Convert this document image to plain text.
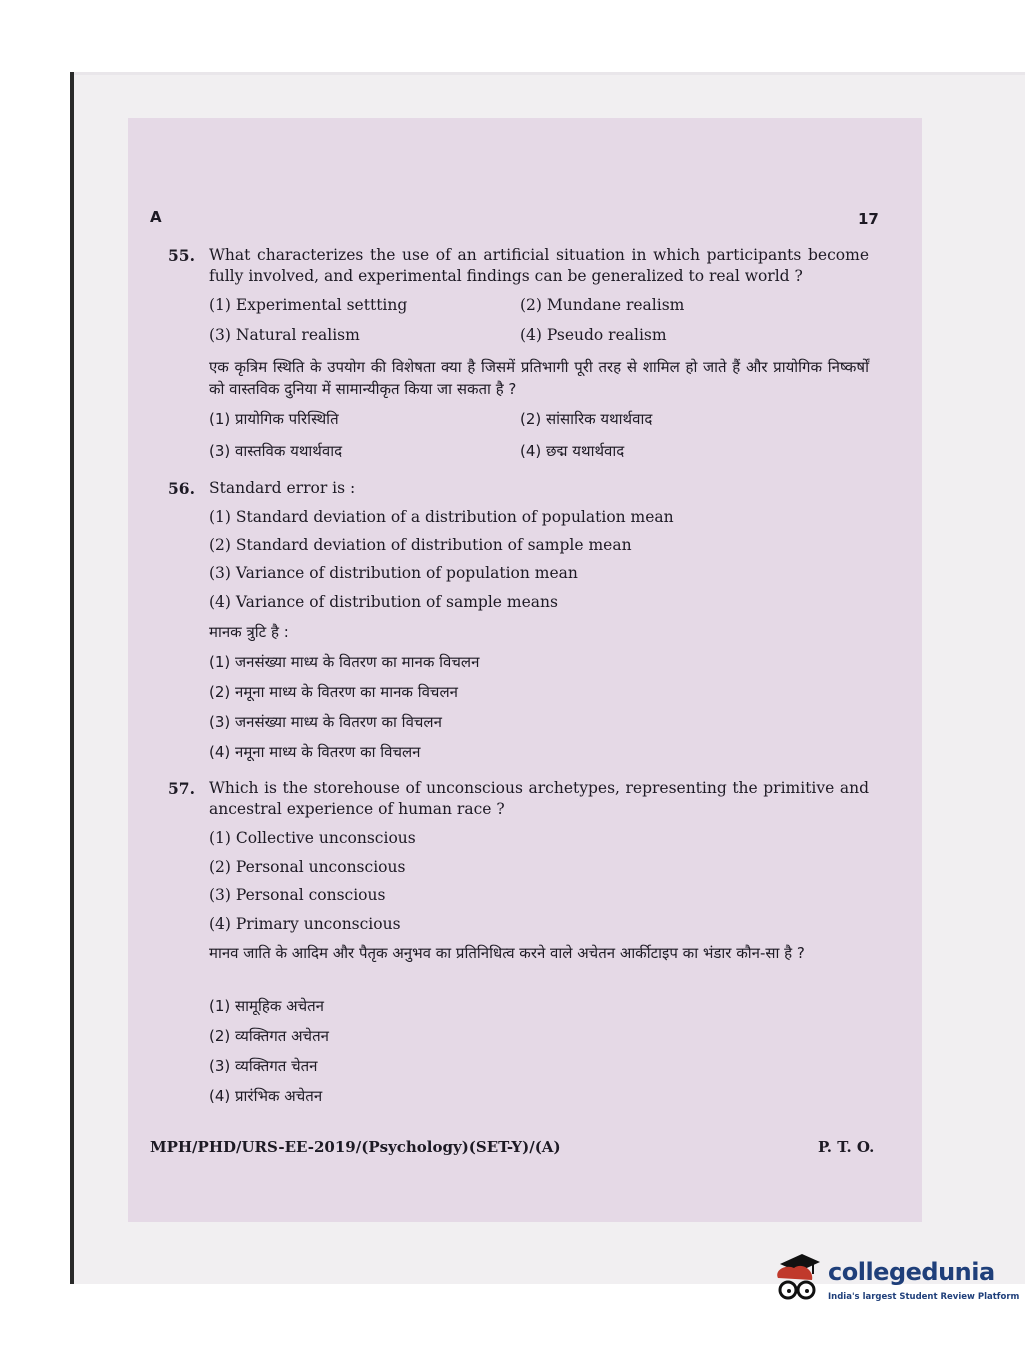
A	17
55. What characterizes the use of an artificial situation in which participants become fully involved, and experimental findings can be generalized to real world ?
(1) Experimental settting	(2) Mundane realism
(3) Natural realism	(4) Pseudo realism
एक कृत्रिम स्थिति के उपयोग की विशेषता क्या है जिसमें प्रतिभागी पूरी तरह से शामिल हो जाते हैं और प्रायोगिक निष्कर्षों को वास्तविक दुनिया में सामान्यीकृत किया जा सकता है ?
(1) प्रायोगिक परिस्थिति	(2) सांसारिक यथार्थवाद
(3) वास्तविक यथार्थवाद	(4) छद्म यथार्थवाद
56. Standard error is :
(1) Standard deviation of a distribution of population mean
(2) Standard deviation of distribution of sample mean
(3) Variance of distribution of population mean
(4) Variance of distribution of sample means
मानक त्रुटि है :
(1) जनसंख्या माध्य के वितरण का मानक विचलन
(2) नमूना माध्य के वितरण का मानक विचलन
(3) जनसंख्या माध्य के वितरण का विचलन
(4) नमूना माध्य के वितरण का विचलन
57. Which is the storehouse of unconscious archetypes, representing the primitive and ancestral experience of human race ?
(1) Collective unconscious
(2) Personal unconscious
(3) Personal conscious
(4) Primary unconscious
मानव जाति के आदिम और पैतृक अनुभव का प्रतिनिधित्व करने वाले अचेतन आर्कीटाइप का भंडार कौन-सा है ?
(1) सामूहिक अचेतन
(2) व्यक्तिगत अचेतन
(3) व्यक्तिगत चेतन
(4) प्रारंभिक अचेतन
MPH/PHD/URS-EE-2019/(Psychology)(SET-Y)/(A)	P. T. O.
collegedunia
India's largest Student Review Platform
